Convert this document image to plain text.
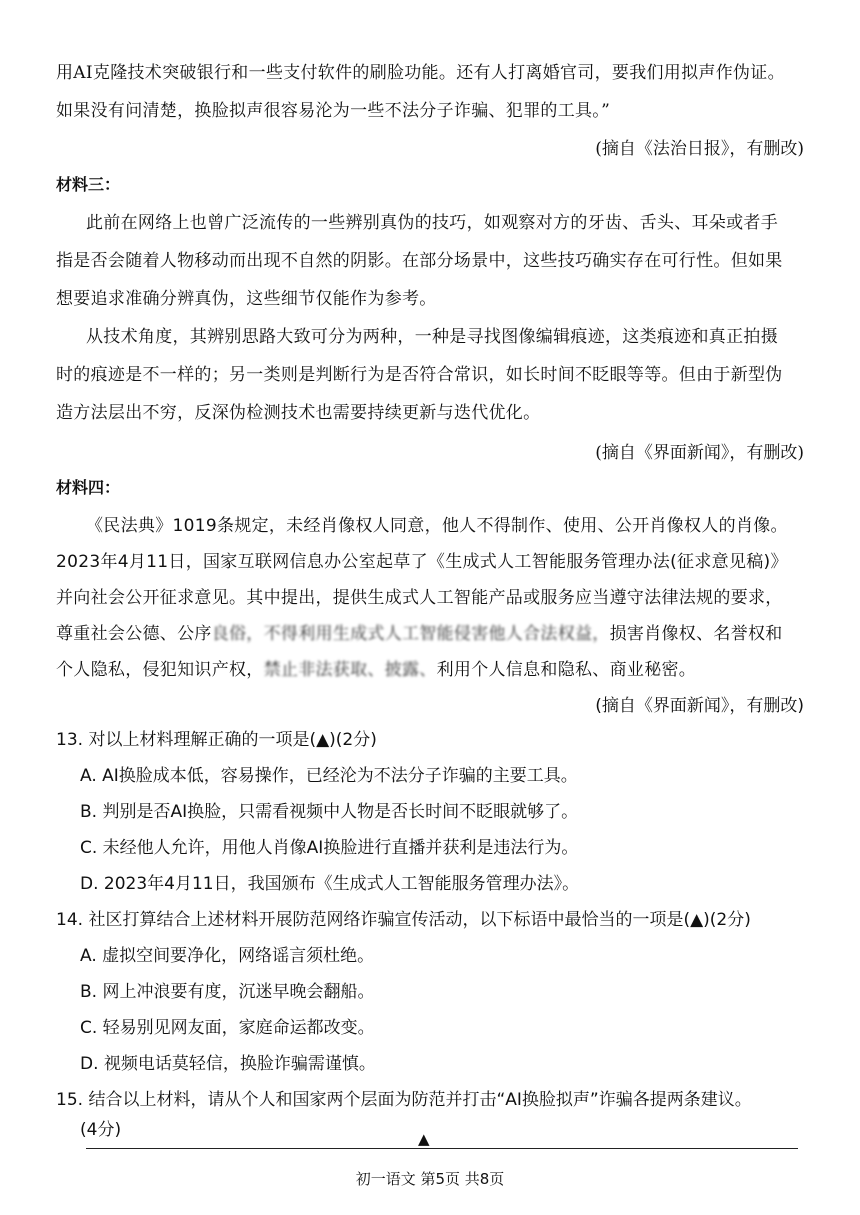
用AI克隆技术突破银行和一些支付软件的刷脸功能。还有人打离婚官司，要我们用拟声作伪证。
如果没有问清楚，换脸拟声很容易沦为一些不法分子诈骗、犯罪的工具。”
(摘自《法治日报》，有删改)
材料三：
此前在网络上也曾广泛流传的一些辨别真伪的技巧，如观察对方的牙齿、舌头、耳朵或者手
指是否会随着人物移动而出现不自然的阴影。在部分场景中，这些技巧确实存在可行性。但如果
想要追求准确分辨真伪，这些细节仅能作为参考。
从技术角度，其辨别思路大致可分为两种，一种是寻找图像编辑痕迹，这类痕迹和真正拍摄
时的痕迹是不一样的；另一类则是判断行为是否符合常识，如长时间不眨眼等等。但由于新型伪
造方法层出不穷，反深伪检测技术也需要持续更新与迭代优化。
(摘自《界面新闻》，有删改)
材料四：
《民法典》1019条规定，未经肖像权人同意，他人不得制作、使用、公开肖像权人的肖像。
2023年4月11日，国家互联网信息办公室起草了《生成式人工智能服务管理办法(征求意见稿)》
并向社会公开征求意见。其中提出，提供生成式人工智能产品或服务应当遵守法律法规的要求，
尊重社会公德、公序良俗，不得利用生成式人工智能侵害他人合法权益，损害肖像权、名誉权和
个人隐私，侵犯知识产权，禁止非法获取、披露、利用个人信息和隐私、商业秘密。
(摘自《界面新闻》，有删改)
13. 对以上材料理解正确的一项是(▲)(2分)
A. AI换脸成本低，容易操作，已经沦为不法分子诈骗的主要工具。
B. 判别是否AI换脸，只需看视频中人物是否长时间不眨眼就够了。
C. 未经他人允许，用他人肖像AI换脸进行直播并获利是违法行为。
D. 2023年4月11日，我国颁布《生成式人工智能服务管理办法》。
14. 社区打算结合上述材料开展防范网络诈骗宣传活动，以下标语中最恰当的一项是(▲)(2分)
A. 虚拟空间要净化，网络谣言须杜绝。
B. 网上冲浪要有度，沉迷早晚会翻船。
C. 轻易别见网友面，家庭命运都改变。
D. 视频电话莫轻信，换脸诈骗需谨慎。
15. 结合以上材料，请从个人和国家两个层面为防范并打击“AI换脸拟声”诈骗各提两条建议。
(4分)	▲
初一语文 第5页 共8页
